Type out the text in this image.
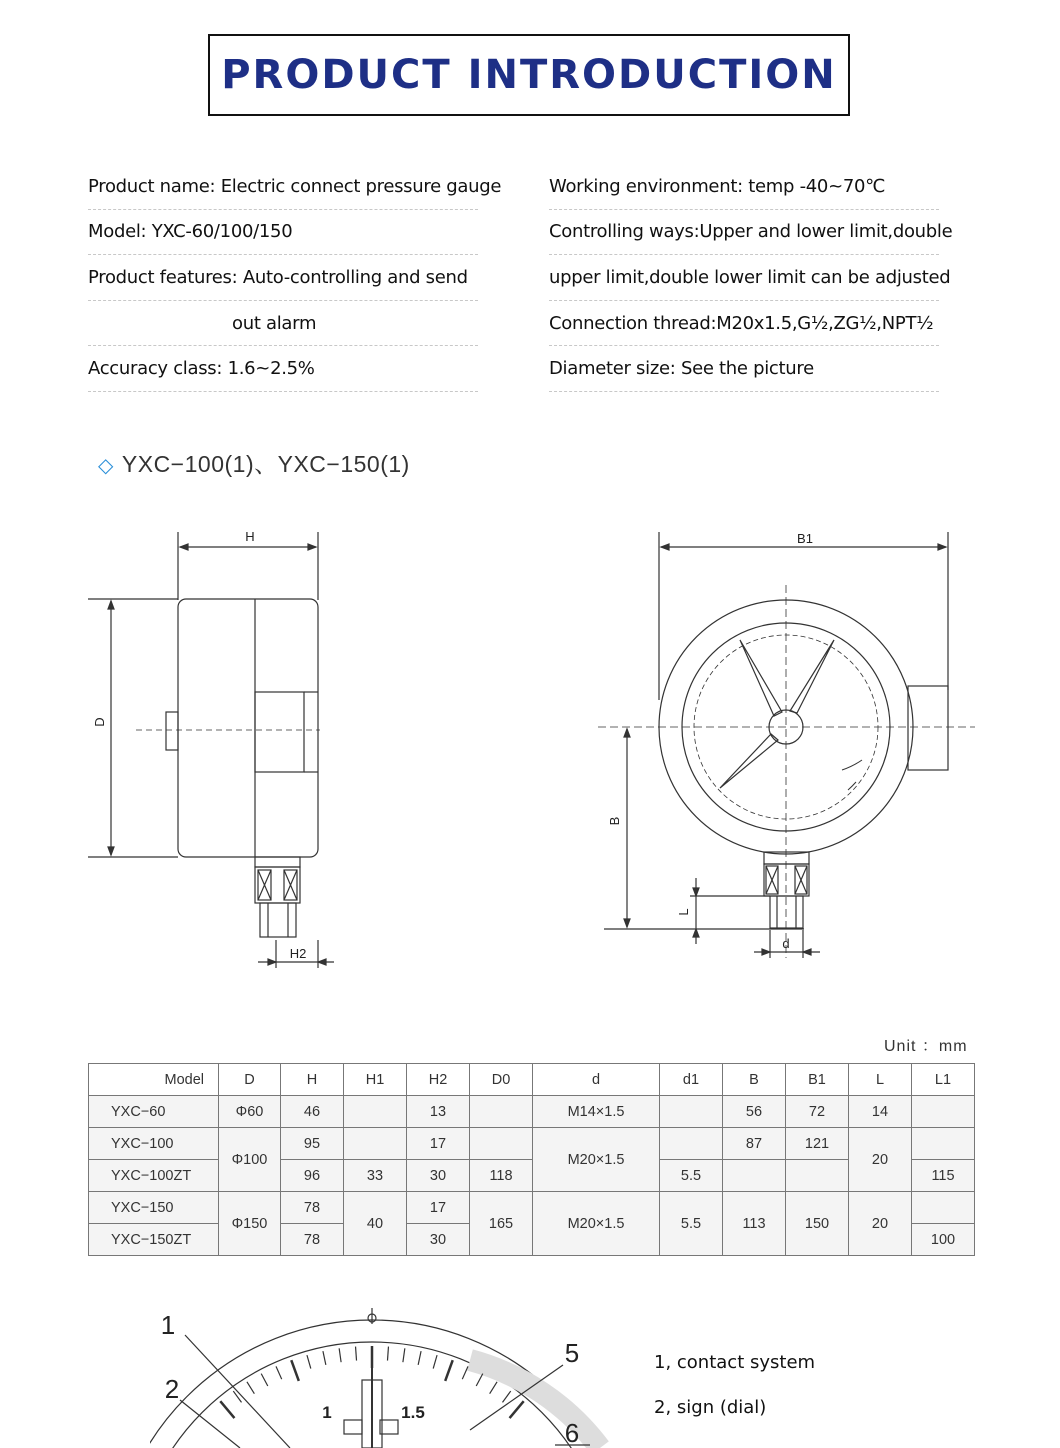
PRODUCT INTRODUCTION
Product name: Electric connect pressure gauge
Model: YXC-60/100/150
Product features: Auto-controlling and send
out alarm
Accuracy class: 1.6~2.5%
Working environment: temp -40~70℃
Controlling ways:Upper and lower limit,double
upper limit,double lower limit can be adjusted
Connection thread:M20x1.5,G½,ZG½,NPT½
Diameter size: See the picture
◇ YXC−100(1)、YXC−150(1)
H
D
H2
B1
B
L
d
Unit ：mm
Model	D	H	H1	H2	D0	d	d1	B	B1	L	L1
YXC−60	Φ60	46		13		M14×1.5		56	72	14	
YXC−100	Φ100	95		17		M20×1.5		87	121	20	
YXC−100ZT		96	33	30	118		5.5				115
YXC−150	Φ150	78	40	17	165	M20×1.5	5.5	113	150	20	
YXC−150ZT		78		30							100
1
2
5
6
1	1.5
1, contact system
2, sign (dial)
